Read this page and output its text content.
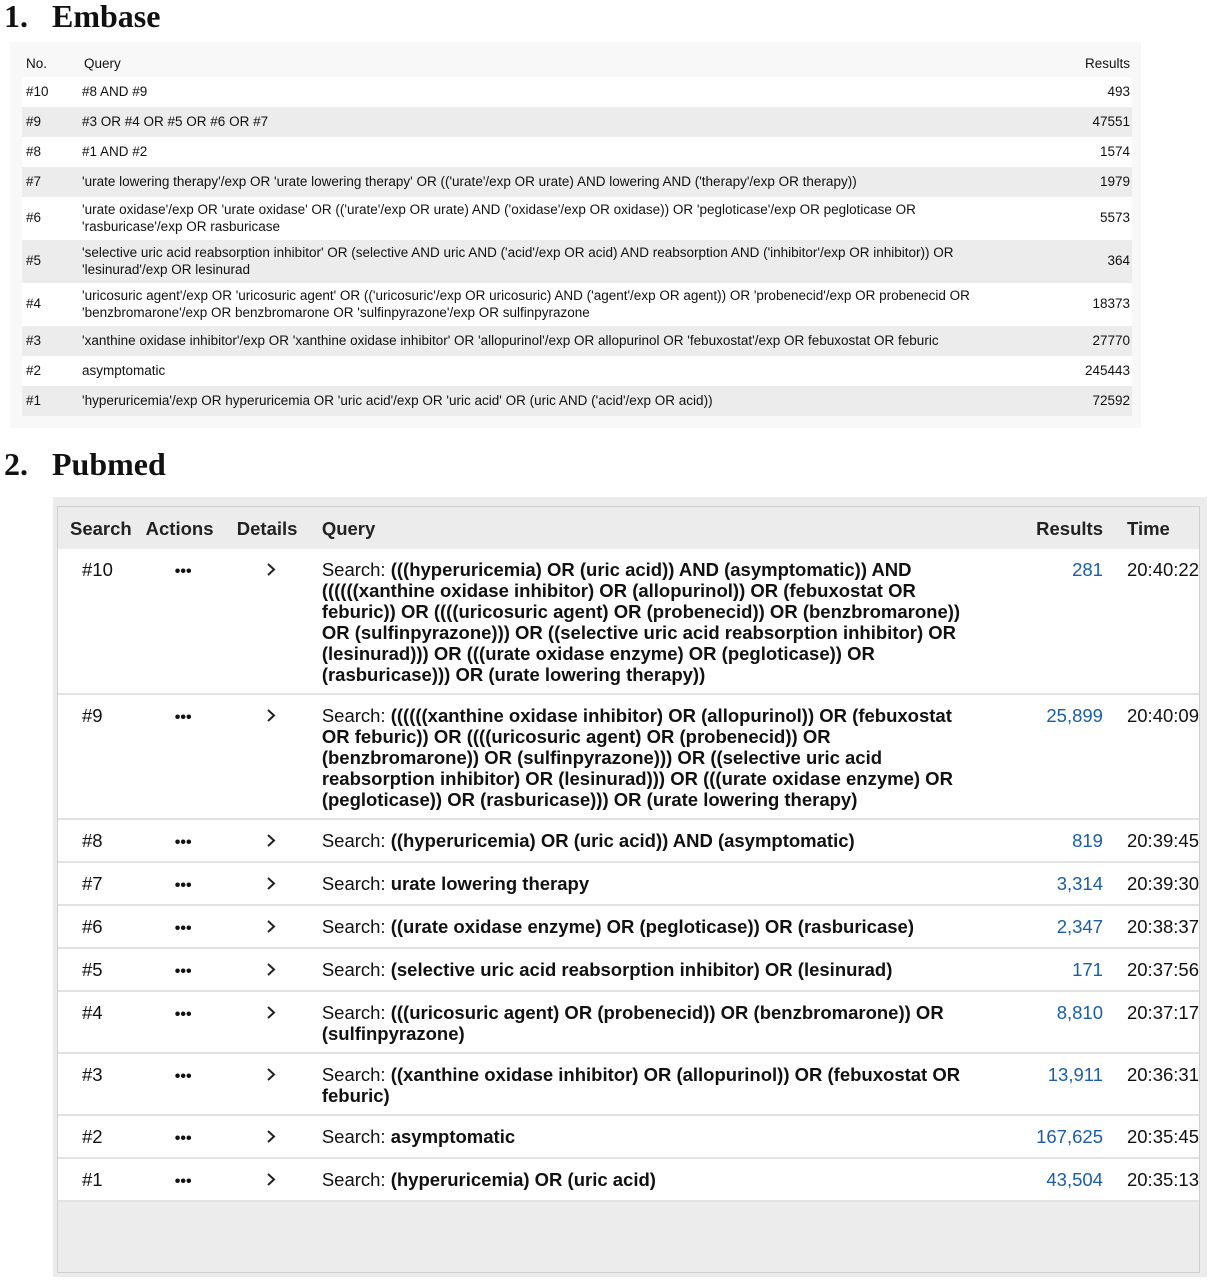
1. Embase
No.	Query	Results
#10	#8 AND #9	493
#9	#3 OR #4 OR #5 OR #6 OR #7	47551
#8	#1 AND #2	1574
#7	'urate lowering therapy'/exp OR 'urate lowering therapy' OR (('urate'/exp OR urate) AND lowering AND ('therapy'/exp OR therapy))	1979
#6	'urate oxidase'/exp OR 'urate oxidase' OR (('urate'/exp OR urate) AND ('oxidase'/exp OR oxidase)) OR 'pegloticase'/exp OR pegloticase OR 'rasburicase'/exp OR rasburicase	5573
#5	'selective uric acid reabsorption inhibitor' OR (selective AND uric AND ('acid'/exp OR acid) AND reabsorption AND ('inhibitor'/exp OR inhibitor)) OR 'lesinurad'/exp OR lesinurad	364
#4	'uricosuric agent'/exp OR 'uricosuric agent' OR (('uricosuric'/exp OR uricosuric) AND ('agent'/exp OR agent)) OR 'probenecid'/exp OR probenecid OR 'benzbromarone'/exp OR benzbromarone OR 'sulfinpyrazone'/exp OR sulfinpyrazone	18373
#3	'xanthine oxidase inhibitor'/exp OR 'xanthine oxidase inhibitor' OR 'allopurinol'/exp OR allopurinol OR 'febuxostat'/exp OR febuxostat OR feburic	27770
#2	asymptomatic	245443
#1	'hyperuricemia'/exp OR hyperuricemia OR 'uric acid'/exp OR 'uric acid' OR (uric AND ('acid'/exp OR acid))	72592
2. Pubmed
Search	Actions	Details	Query	Results	Time
#10	•••		Search: (((hyperuricemia) OR (uric acid)) AND (asymptomatic)) AND ((((((xanthine oxidase inhibitor) OR (allopurinol)) OR (febuxostat OR feburic)) OR ((((uricosuric agent) OR (probenecid)) OR (benzbromarone)) OR (sulfinpyrazone))) OR ((selective uric acid reabsorption inhibitor) OR (lesinurad))) OR (((urate oxidase enzyme) OR (pegloticase)) OR (rasburicase))) OR (urate lowering therapy))	281	20:40:22
#9	•••		Search: ((((((xanthine oxidase inhibitor) OR (allopurinol)) OR (febuxostat OR feburic)) OR ((((uricosuric agent) OR (probenecid)) OR (benzbromarone)) OR (sulfinpyrazone))) OR ((selective uric acid reabsorption inhibitor) OR (lesinurad))) OR (((urate oxidase enzyme) OR (pegloticase)) OR (rasburicase))) OR (urate lowering therapy)	25,899	20:40:09
#8	•••		Search: ((hyperuricemia) OR (uric acid)) AND (asymptomatic)	819	20:39:45
#7	•••		Search: urate lowering therapy	3,314	20:39:30
#6	•••		Search: ((urate oxidase enzyme) OR (pegloticase)) OR (rasburicase)	2,347	20:38:37
#5	•••		Search: (selective uric acid reabsorption inhibitor) OR (lesinurad)	171	20:37:56
#4	•••		Search: (((uricosuric agent) OR (probenecid)) OR (benzbromarone)) OR (sulfinpyrazone)	8,810	20:37:17
#3	•••		Search: ((xanthine oxidase inhibitor) OR (allopurinol)) OR (febuxostat OR feburic)	13,911	20:36:31
#2	•••		Search: asymptomatic	167,625	20:35:45
#1	•••		Search: (hyperuricemia) OR (uric acid)	43,504	20:35:13
